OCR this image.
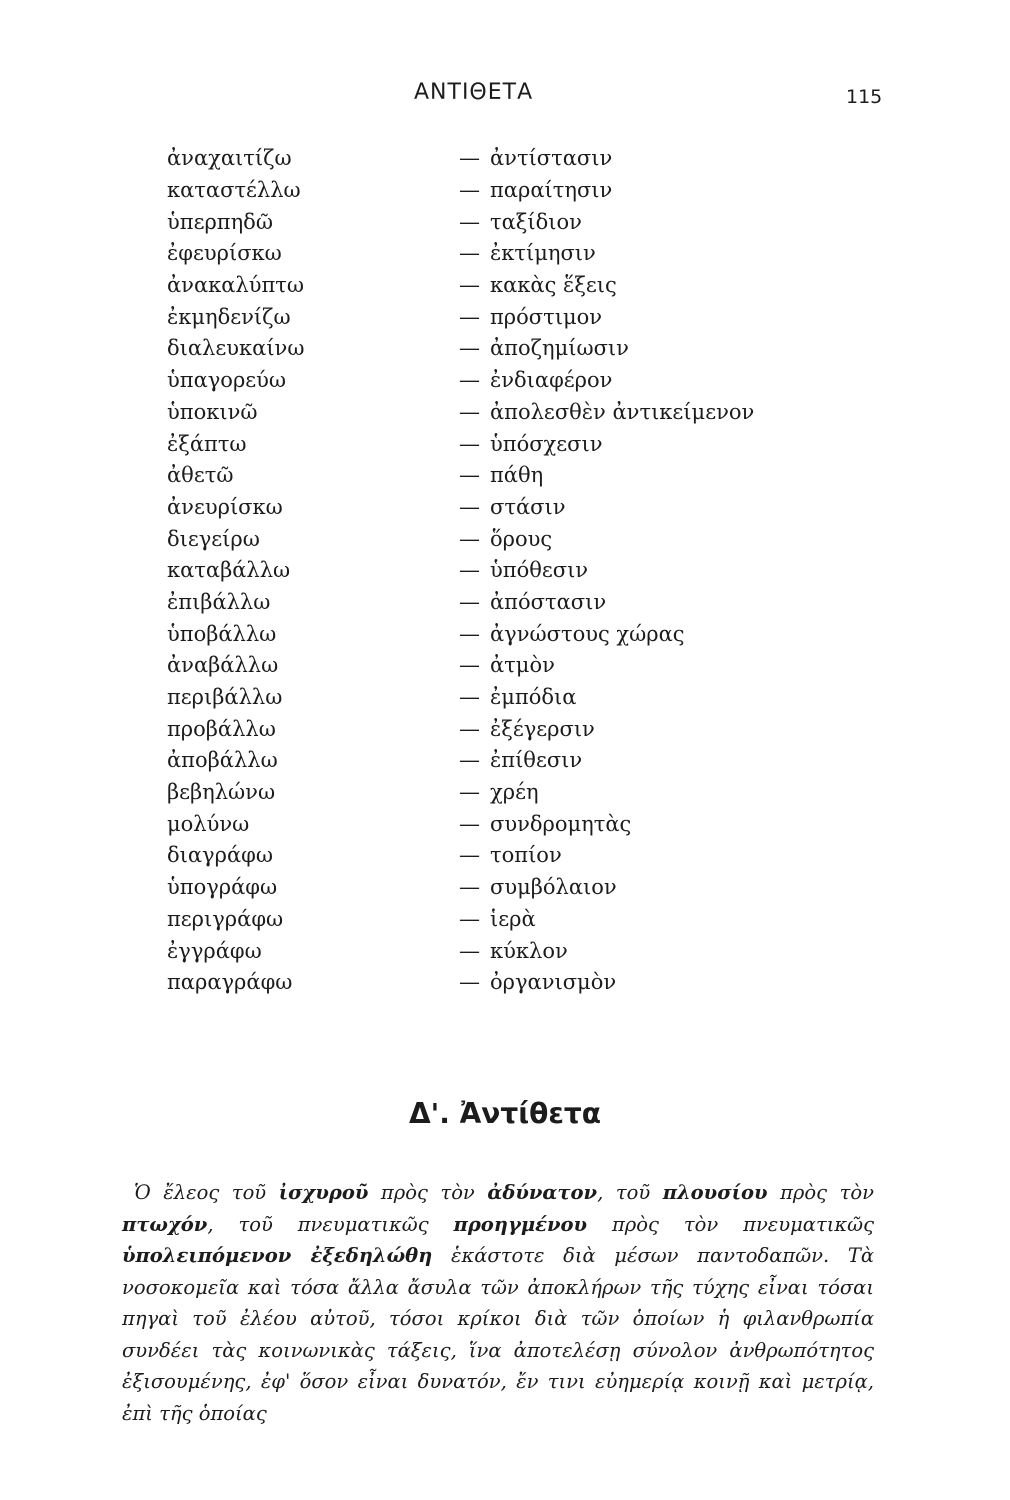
ΑΝΤΙΘΕΤΑ	115
ἀναχαιτίζω	— ἀντίστασιν
καταστέλλω	— παραίτησιν
ὑπερπηδῶ	— ταξίδιον
ἐφευρίσκω	— ἐκτίμησιν
ἀνακαλύπτω	— κακὰς ἕξεις
ἐκμηδενίζω	— πρόστιμον
διαλευκαίνω	— ἀποζημίωσιν
ὑπαγορεύω	— ἐνδιαφέρον
ὑποκινῶ	— ἀπολεσθὲν ἀντικείμενον
ἐξάπτω	— ὑπόσχεσιν
ἀθετῶ	— πάθη
ἀνευρίσκω	— στάσιν
διεγείρω	— ὅρους
καταβάλλω	— ὑπόθεσιν
ἐπιβάλλω	— ἀπόστασιν
ὑποβάλλω	— ἀγνώστους χώρας
ἀναβάλλω	— ἀτμὸν
περιβάλλω	— ἐμπόδια
προβάλλω	— ἐξέγερσιν
ἀποβάλλω	— ἐπίθεσιν
βεβηλώνω	— χρέη
μολύνω	— συνδρομητὰς
διαγράφω	— τοπίον
ὑπογράφω	— συμβόλαιον
περιγράφω	— ἱερὰ
ἐγγράφω	— κύκλον
παραγράφω	— ὀργανισμὸν
Δ'. Ἀντίθετα
Ὁ ἔλεος τοῦ ἰσχυροῦ πρὸς τὸν ἀδύνατον, τοῦ πλουσίου πρὸς τὸν πτωχόν, τοῦ πνευματικῶς προηγμένου πρὸς τὸν πνευματικῶς ὑπολειπόμενον ἐξεδηλώθη ἑκάστοτε διὰ μέσων παντοδαπῶν. Τὰ νοσοκομεῖα καὶ τόσα ἄλλα ἄσυλα τῶν ἀποκλήρων τῆς τύχης εἶναι τόσαι πηγαὶ τοῦ ἐλέου αὐτοῦ, τόσοι κρίκοι διὰ τῶν ὁποίων ἡ φιλανθρωπία συνδέει τὰς κοινωνικὰς τάξεις, ἵνα ἀποτελέσῃ σύνολον ἀνθρωπότητος ἐξισουμένης, ἐφ' ὅσον εἶναι δυνατόν, ἔν τινι εὐημερίᾳ κοινῇ καὶ μετρίᾳ, ἐπὶ τῆς ὁποίας
